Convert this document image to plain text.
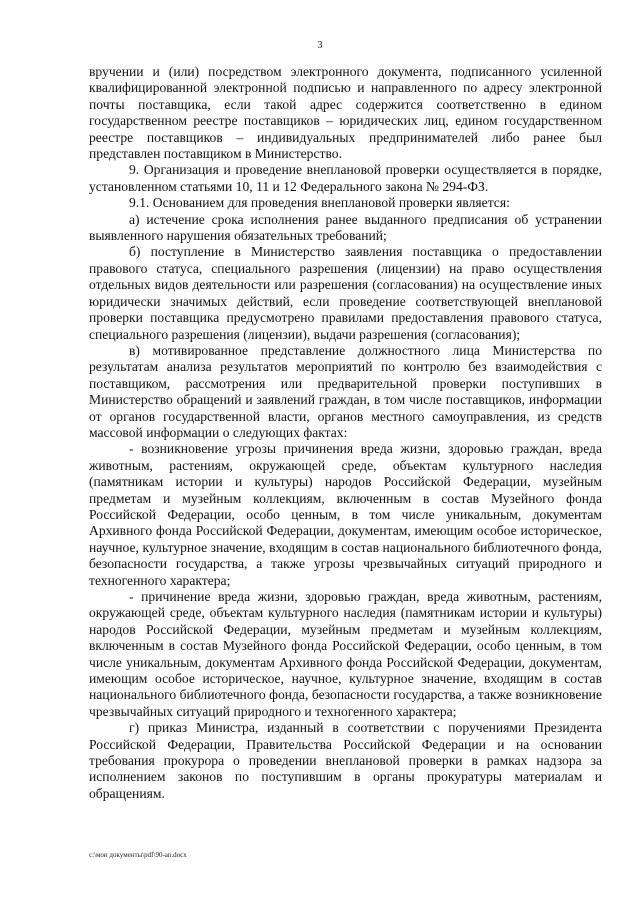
3

вручении и (или) посредством электронного документа, подписанного усиленной квалифицированной электронной подписью и направленного по адресу электронной почты поставщика, если такой адрес содержится соответственно в едином государственном реестре поставщиков – юридических лиц, едином государственном реестре поставщиков – индивидуальных предпринимателей либо ранее был представлен поставщиком в Министерство.

9. Организация и проведение внеплановой проверки осуществляется в порядке, установленном статьями 10, 11 и 12 Федерального закона № 294-ФЗ.

9.1. Основанием для проведения внеплановой проверки является:

а) истечение срока исполнения ранее выданного предписания об устранении выявленного нарушения обязательных требований;

б) поступление в Министерство заявления поставщика о предоставлении правового статуса, специального разрешения (лицензии) на право осуществления отдельных видов деятельности или разрешения (согласования) на осуществление иных юридически значимых действий, если проведение соответствующей внеплановой проверки поставщика предусмотрено правилами предоставления правового статуса, специального разрешения (лицензии), выдачи разрешения (согласования);

в) мотивированное представление должностного лица Министерства по результатам анализа результатов мероприятий по контролю без взаимодействия с поставщиком, рассмотрения или предварительной проверки поступивших в Министерство обращений и заявлений граждан, в том числе поставщиков, информации от органов государственной власти, органов местного самоуправления, из средств массовой информации о следующих фактах:

- возникновение угрозы причинения вреда жизни, здоровью граждан, вреда животным, растениям, окружающей среде, объектам культурного наследия (памятникам истории и культуры) народов Российской Федерации, музейным предметам и музейным коллекциям, включенным в состав Музейного фонда Российской Федерации, особо ценным, в том числе уникальным, документам Архивного фонда Российской Федерации, документам, имеющим особое историческое, научное, культурное значение, входящим в состав национального библиотечного фонда, безопасности государства, а также угрозы чрезвычайных ситуаций природного и техногенного характера;

- причинение вреда жизни, здоровью граждан, вреда животным, растениям, окружающей среде, объектам культурного наследия (памятникам истории и культуры) народов Российской Федерации, музейным предметам и музейным коллекциям, включенным в состав Музейного фонда Российской Федерации, особо ценным, в том числе уникальным, документам Архивного фонда Российской Федерации, документам, имеющим особое историческое, научное, культурное значение, входящим в состав национального библиотечного фонда, безопасности государства, а также возникновение чрезвычайных ситуаций природного и техногенного характера;

г) приказ Министра, изданный в соответствии с поручениями Президента Российской Федерации, Правительства Российской Федерации и на основании требования прокурора о проведении внеплановой проверки в рамках надзора за исполнением законов по поступившим в органы прокуратуры материалам и обращениям.

c:\мои документы\pdf\90-an.docx
